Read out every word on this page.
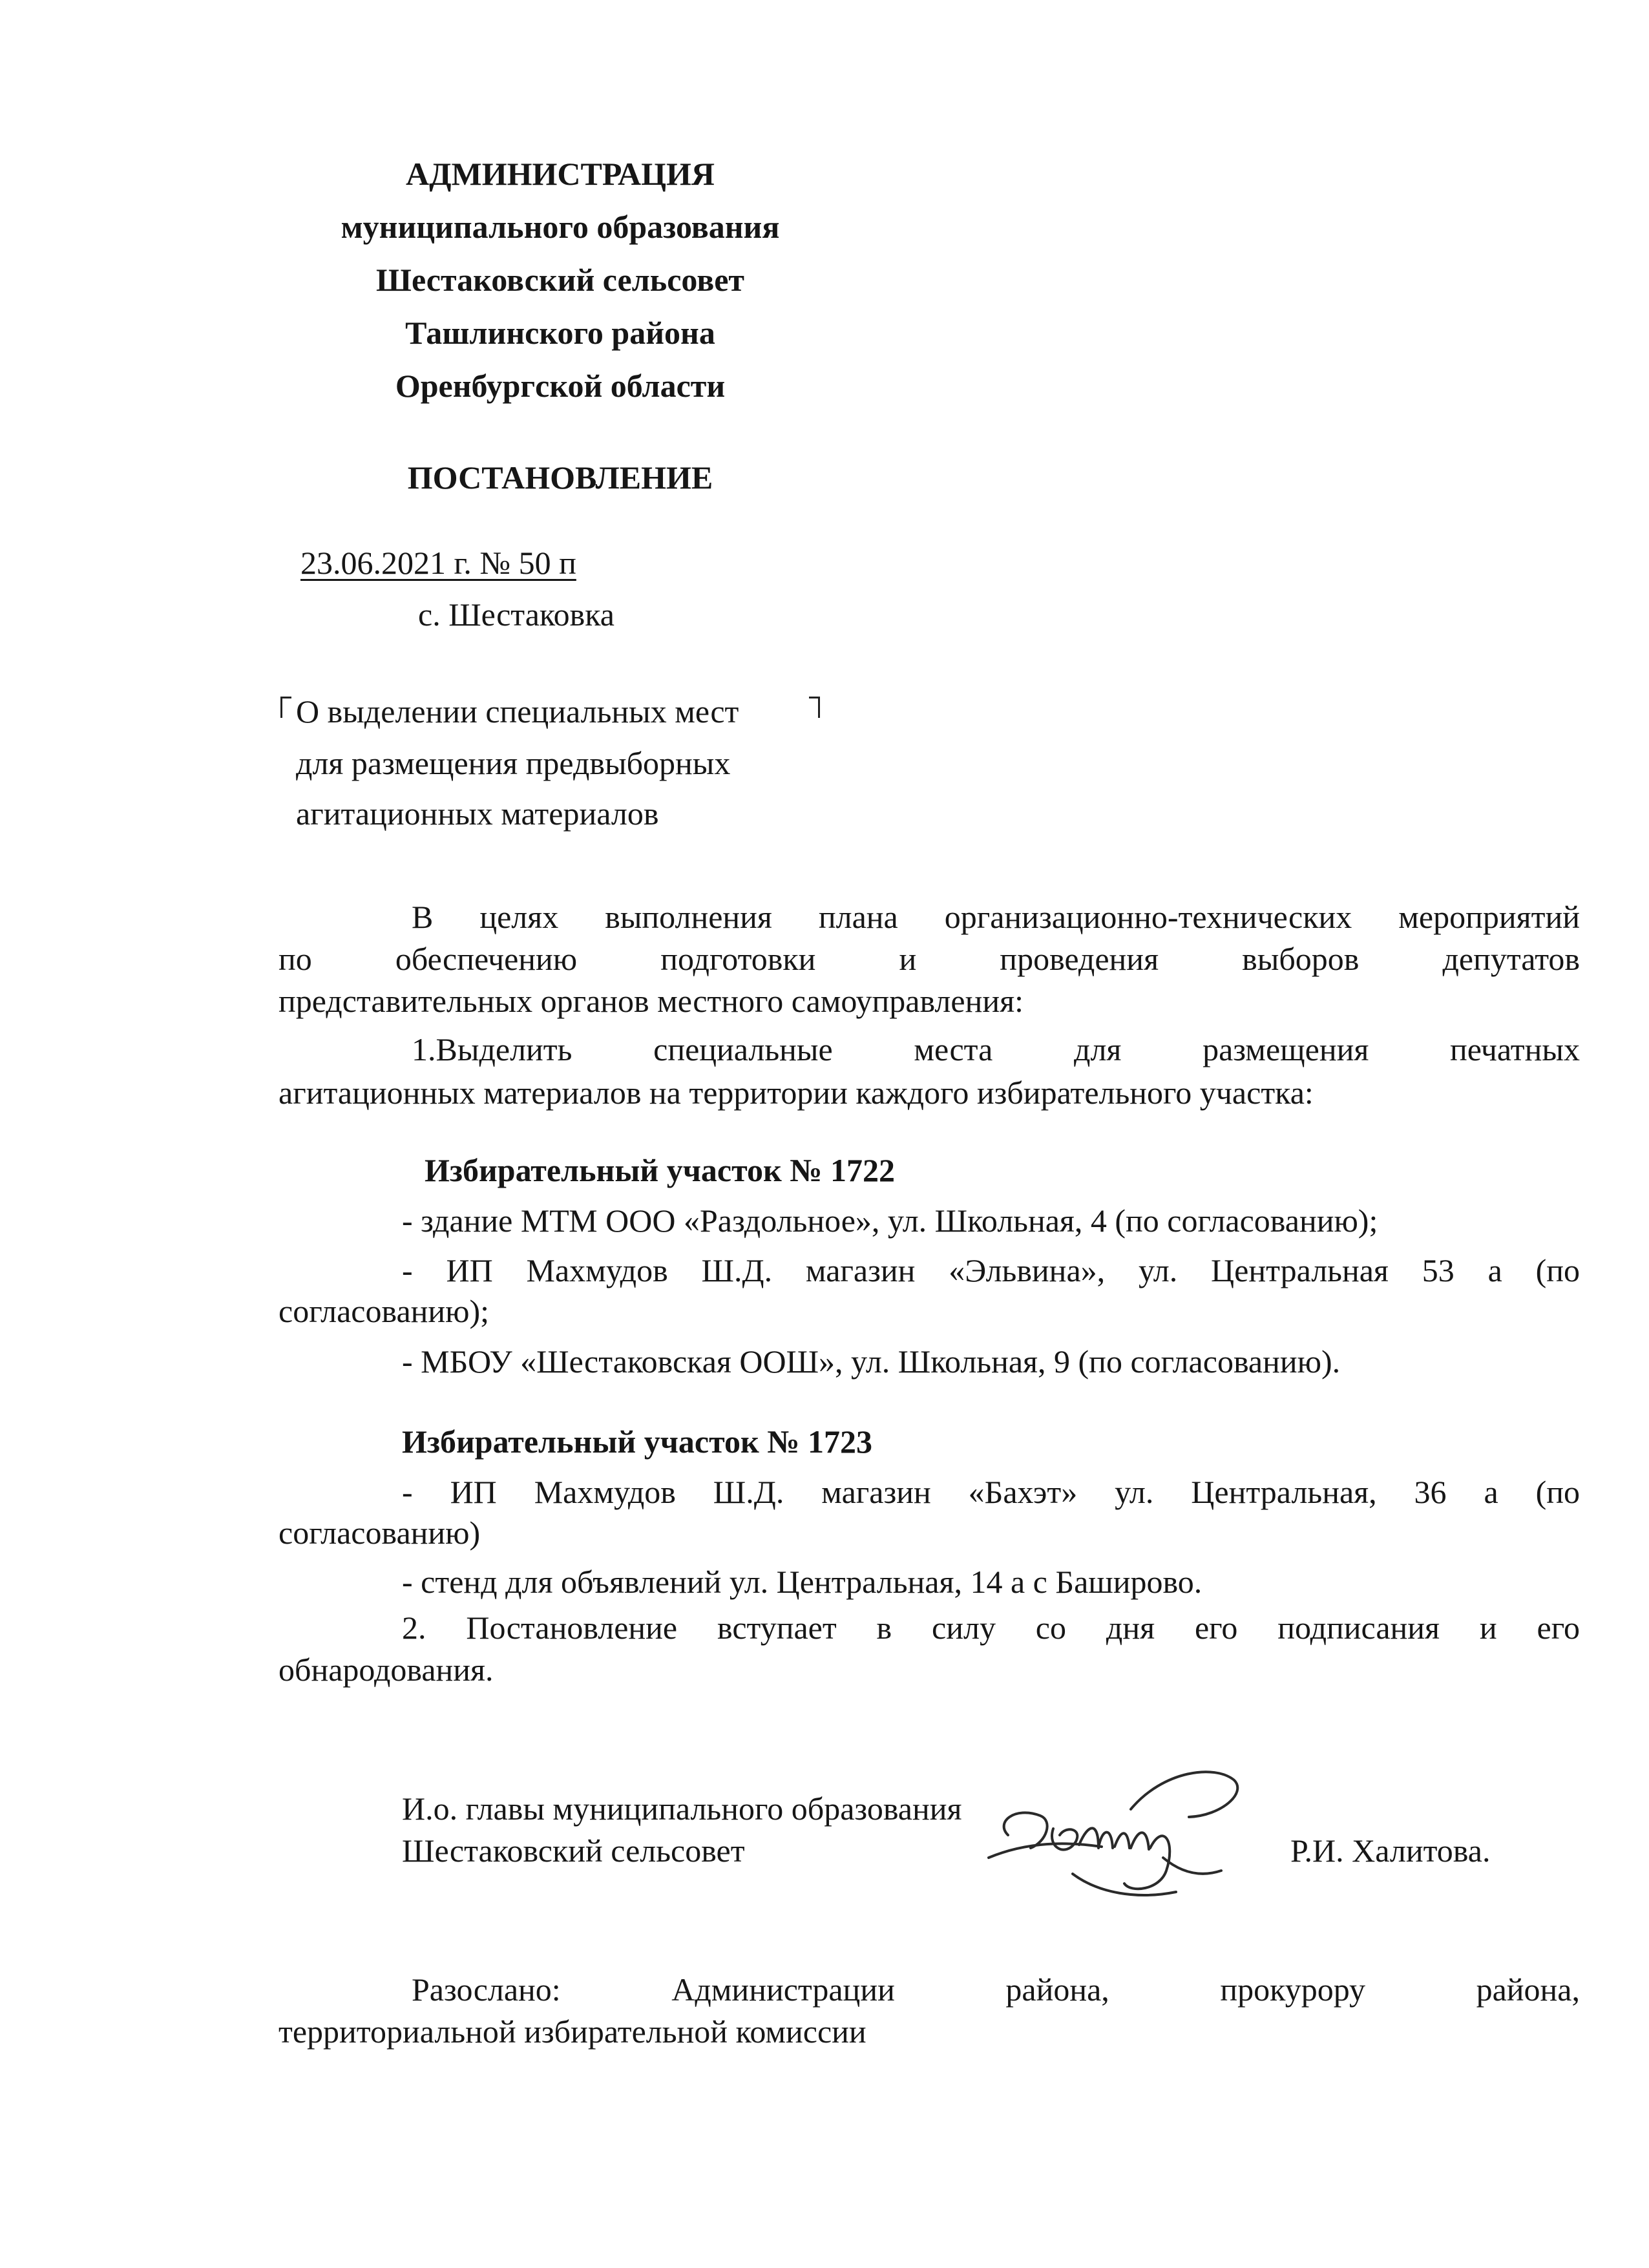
АДМИНИСТРАЦИЯ
муниципального образования
Шестаковский сельсовет
Ташлинского района
Оренбургской области
ПОСТАНОВЛЕНИЕ
23.06.2021 г. № 50 п
с. Шестаковка
О выделении специальных мест
для размещения предвыборных
агитационных материалов
В целях выполнения плана организационно-технических мероприятий
по обеспечению подготовки и проведения выборов депутатов
представительных органов местного самоуправления:
1.Выделить специальные места для размещения печатных
агитационных материалов на территории каждого избирательного участка:
Избирательный участок № 1722
- здание МТМ ООО «Раздольное», ул. Школьная, 4 (по согласованию);
- ИП Махмудов Ш.Д. магазин «Эльвина», ул. Центральная 53 а (по
согласованию);
- МБОУ «Шестаковская ООШ», ул. Школьная, 9 (по согласованию).
Избирательный участок № 1723
- ИП Махмудов Ш.Д. магазин «Бахэт» ул. Центральная, 36 а (по
согласованию)
- стенд для объявлений ул. Центральная, 14 а с Баширово.
2. Постановление вступает в силу со дня его подписания и его
обнародования.
И.о. главы муниципального образования
Шестаковский сельсовет	Р.И. Халитова.
Разослано: Администрации района, прокурору района,
территориальной избирательной комиссии
